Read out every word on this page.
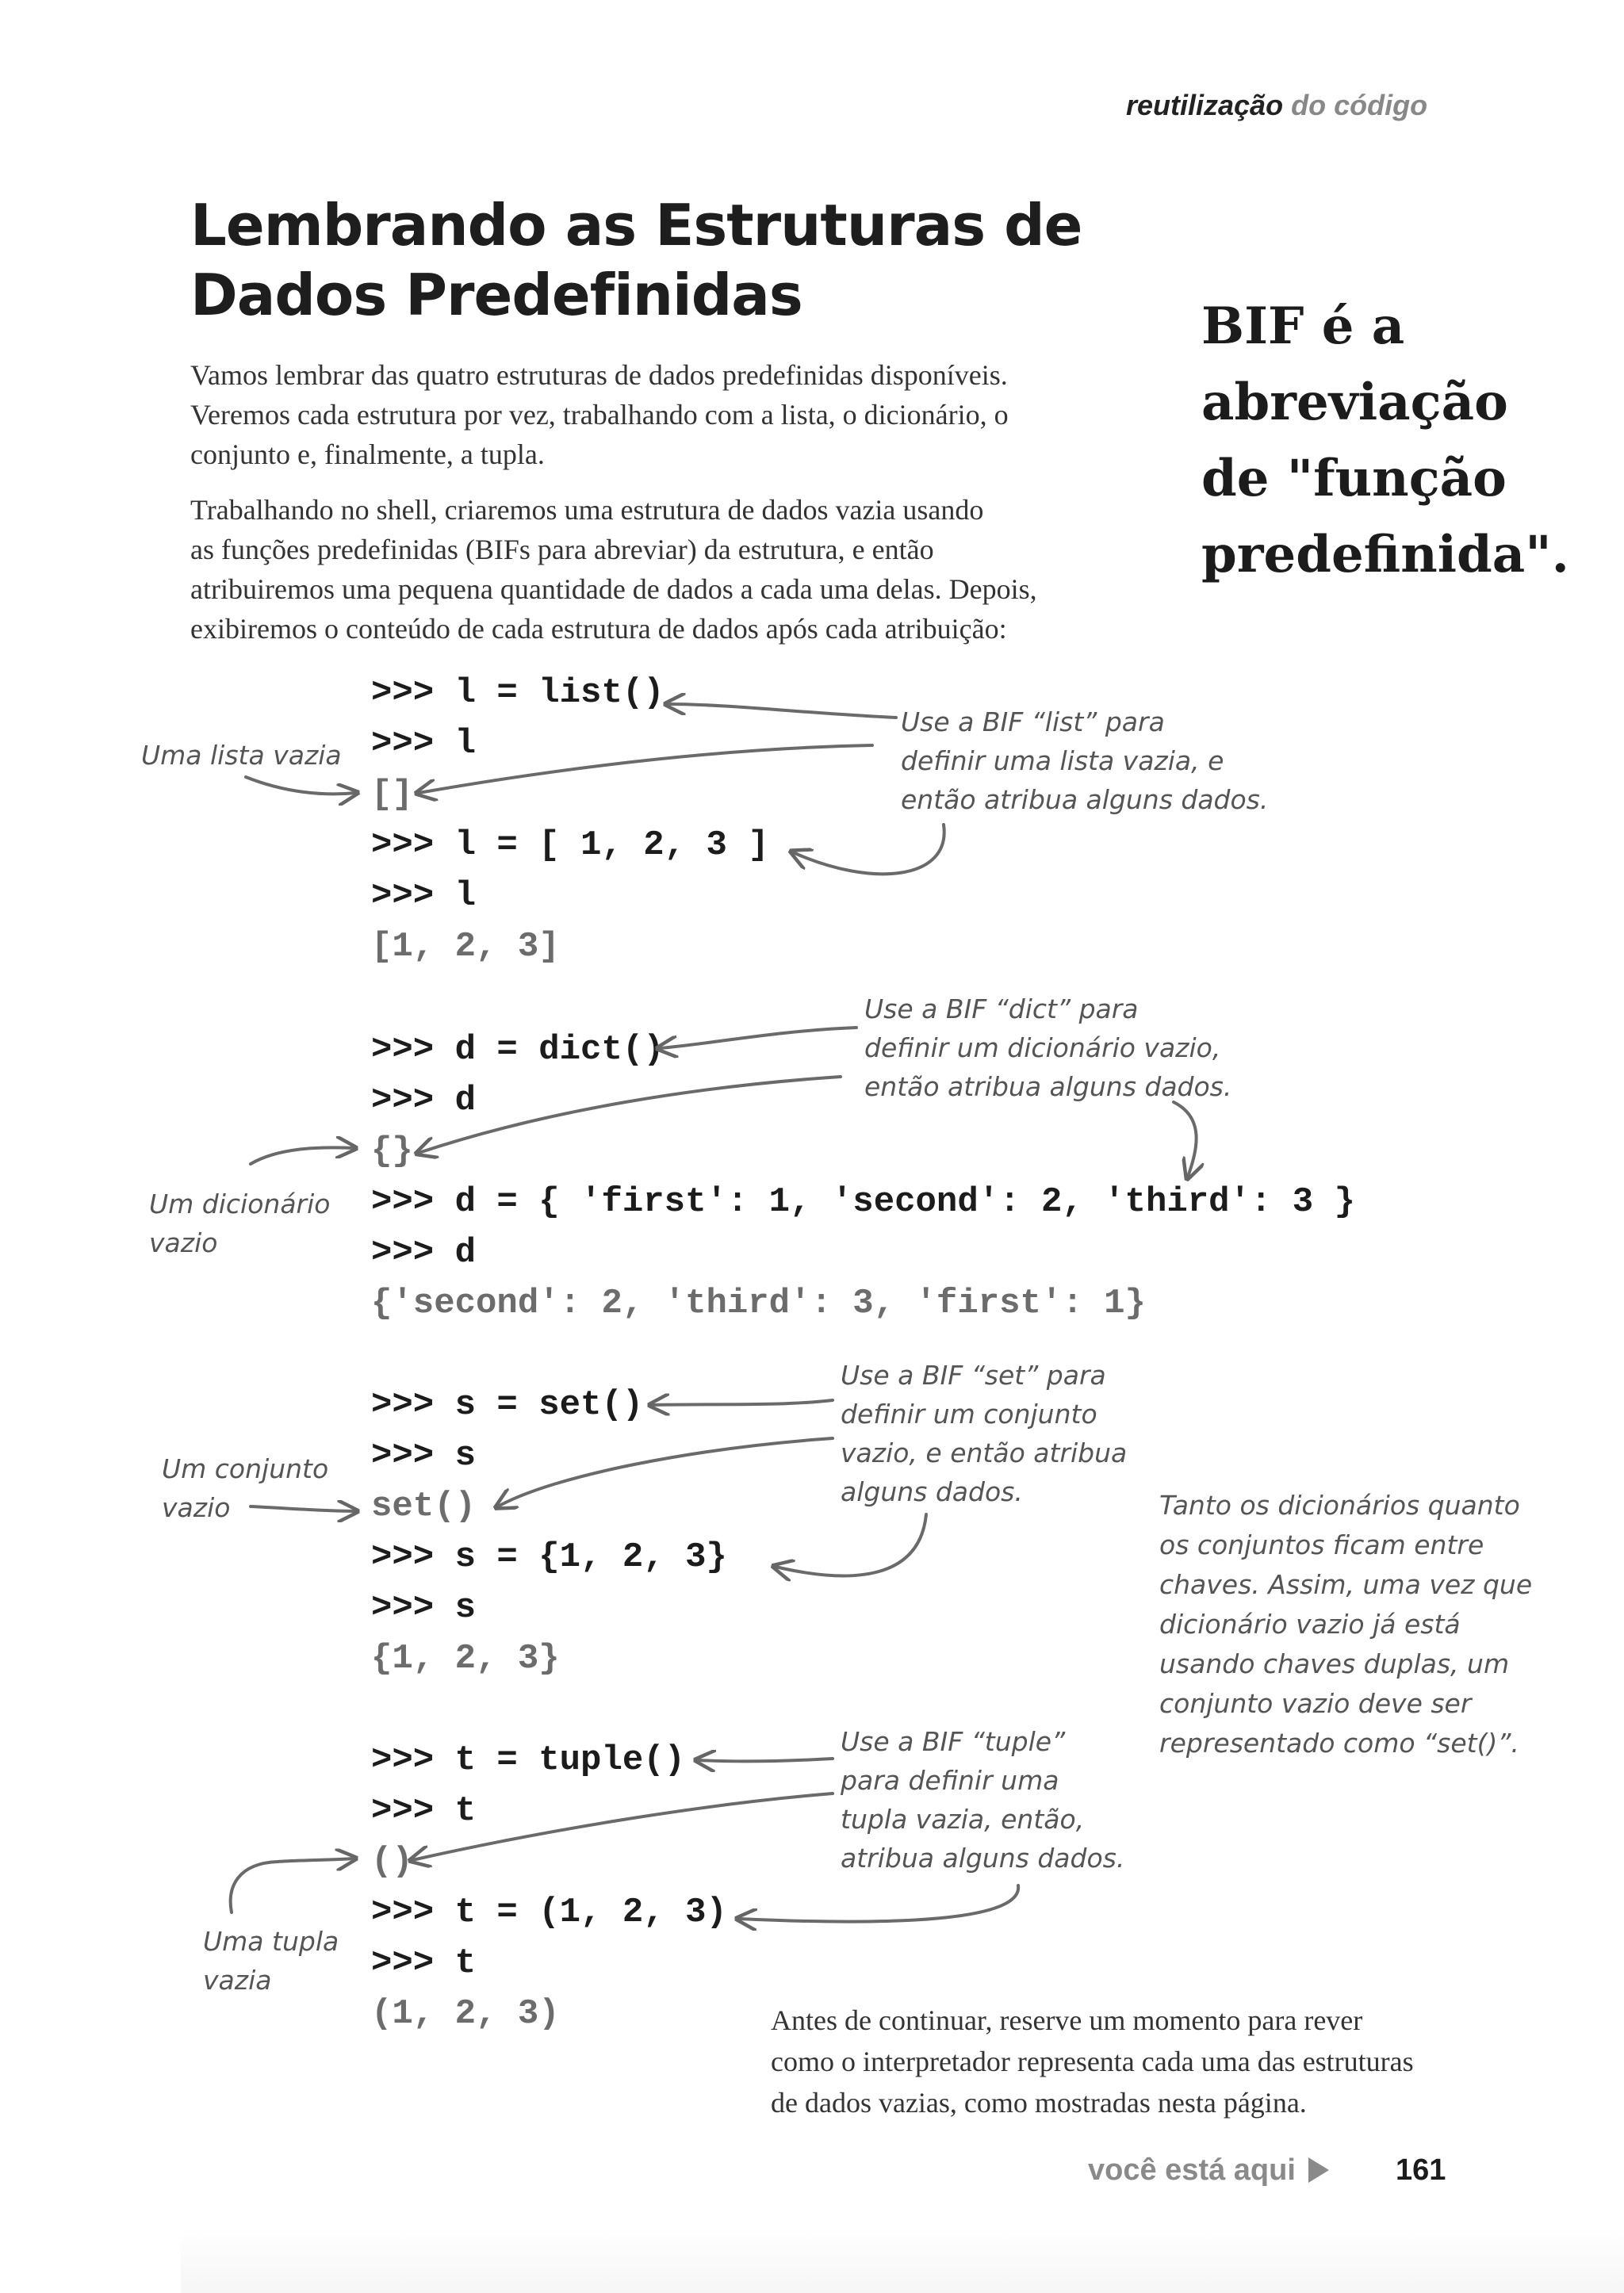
reutilização do código
Lembrando as Estruturas de
Dados Predefinidas
Vamos lembrar das quatro estruturas de dados predefinidas disponíveis.
Veremos cada estrutura por vez, trabalhando com a lista, o dicionário, o
conjunto e, finalmente, a tupla.
Trabalhando no shell, criaremos uma estrutura de dados vazia usando
as funções predefinidas (BIFs para abreviar) da estrutura, e então
atribuiremos uma pequena quantidade de dados a cada uma delas. Depois,
exibiremos o conteúdo de cada estrutura de dados após cada atribuição:
BIF é a
abreviação
de "função
predefinida".
>>> l = list()
>>> l
[]
>>> l = [ 1, 2, 3 ]
>>> l
[1, 2, 3]
>>> d = dict()
>>> d
{}
>>> d = { 'first': 1, 'second': 2, 'third': 3 }
>>> d
{'second': 2, 'third': 3, 'first': 1}
>>> s = set()
>>> s
set()
>>> s = {1, 2, 3}
>>> s
{1, 2, 3}
>>> t = tuple()
>>> t
()
>>> t = (1, 2, 3)
>>> t
(1, 2, 3)
Uma lista vazia
Use a BIF “list” para
definir uma lista vazia, e
então atribua alguns dados.
Use a BIF “dict” para
definir um dicionário vazio,
então atribua alguns dados.
Um dicionário
vazio
Use a BIF “set” para
definir um conjunto
vazio, e então atribua
alguns dados.
Um conjunto
vazio	Tanto os dicionários quanto
os conjuntos ficam entre
chaves. Assim, uma vez que
dicionário vazio já está
usando chaves duplas, um
conjunto vazio deve ser
representado como “set()”.
Use a BIF “tuple”
para definir uma
tupla vazia, então,
atribua alguns dados.
Uma tupla
vazia
Antes de continuar, reserve um momento para rever
como o interpretador representa cada uma das estruturas
de dados vazias, como mostradas nesta página.
você está aqui	161
